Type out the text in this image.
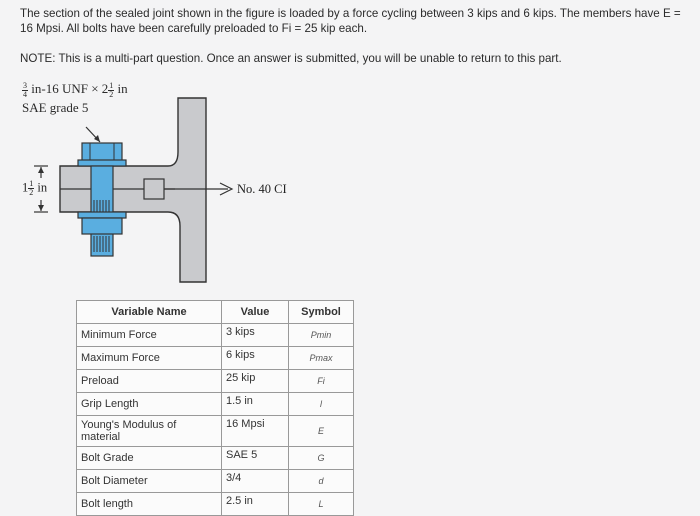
The section of the sealed joint shown in the figure is loaded by a force cycling between 3 kips and 6 kips. The members have E = 16 Mpsi. All bolts have been carefully preloaded to Fi = 25 kip each.
NOTE: This is a multi-part question. Once an answer is submitted, you will be unable to return to this part.
$\frac{3}{4} in-16$ UNF × $2 \frac{1}{2}$ in
SAE grade 5
$1 \frac{1}{2}$ in	No. 40 CI
Variable Name	Value	Symbol
Minimum Force	3 kips	Pmin
Maximum Force	6 kips	Pmax
Preload	25 kip	Fi
Grip Length	1.5 in	l
Young's Modulus of material	16 Mpsi	E
Bolt Grade	SAE 5	G
Bolt Diameter	3/4	d
Bolt length	2.5 in	L
